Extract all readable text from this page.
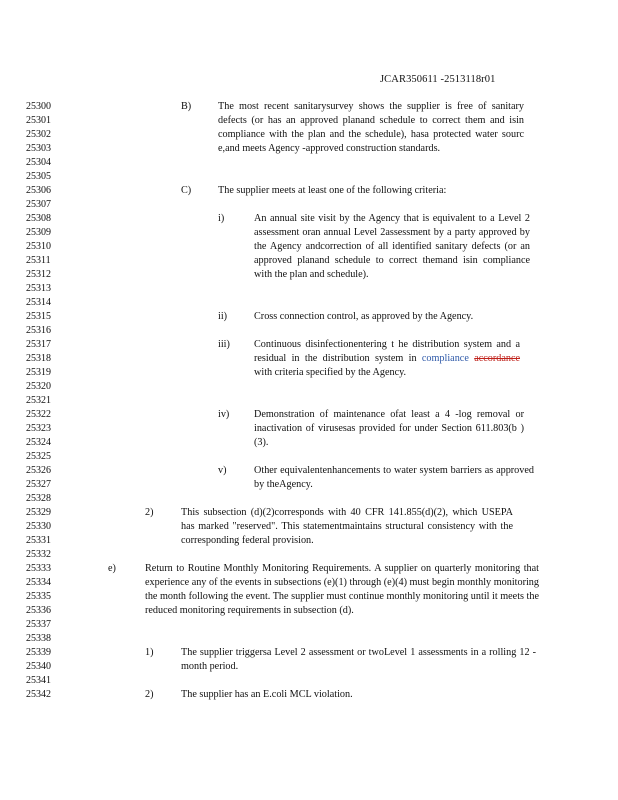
JCAR350611 -2513118r01
25300
25301
25302
25303
25304
25305
25306
25307
25308
25309
25310
25311
25312
25313
25314
25315
25316
25317
25318
25319
25320
25321
25322
25323
25324
25325
25326
25327
25328
25329
25330
25331
25332
25333
25334
25335
25336
25337
25338
25339
25340
25341
25342
B)	The most recent sanitarysurvey shows the supplier is free of sanitary defects (or has an approved planand schedule to correct them and isin compliance with the plan and the schedule), hasa protected water sourc e,and meets Agency -approved construction standards.
C)	The supplier meets at least one of the following criteria:
i)	An annual site visit by the Agency that is equivalent to a Level 2 assessment oran annual Level 2assessment by a party approved by the Agency andcorrection of all identified sanitary defects (or an approved planand schedule to correct themand isin compliance with the plan and schedule).
ii)	Cross connection control, as approved by the Agency.
iii) Continuous disinfectionentering t he distribution system and a residual in the distribution system in compliance accordance with criteria specified by the Agency.
iv) Demonstration of maintenance ofat least a 4 -log removal or inactivation of virusesas provided for under Section 611.803(b )(3).
v)	Other equivalentenhancements to water system barriers as approved by theAgency.
2)	This subsection (d)(2)corresponds with 40 CFR 141.855(d)(2), which USEPA has marked "reserved". This statementmaintains structural consistency with the corresponding federal provision.
e)	Return to Routine Monthly Monitoring Requirements. A supplier on quarterly monitoring that experience any of the events in subsections (e)(1) through (e)(4) must begin monthly monitoring the month following the event. The supplier must continue monthly monitoring until it meets the reduced monitoring requirements in subsection (d).
1)	The supplier triggersa Level 2 assessment or twoLevel 1 assessments in a rolling 12 -month period.
2)	The supplier has an E.coli MCL violation.
